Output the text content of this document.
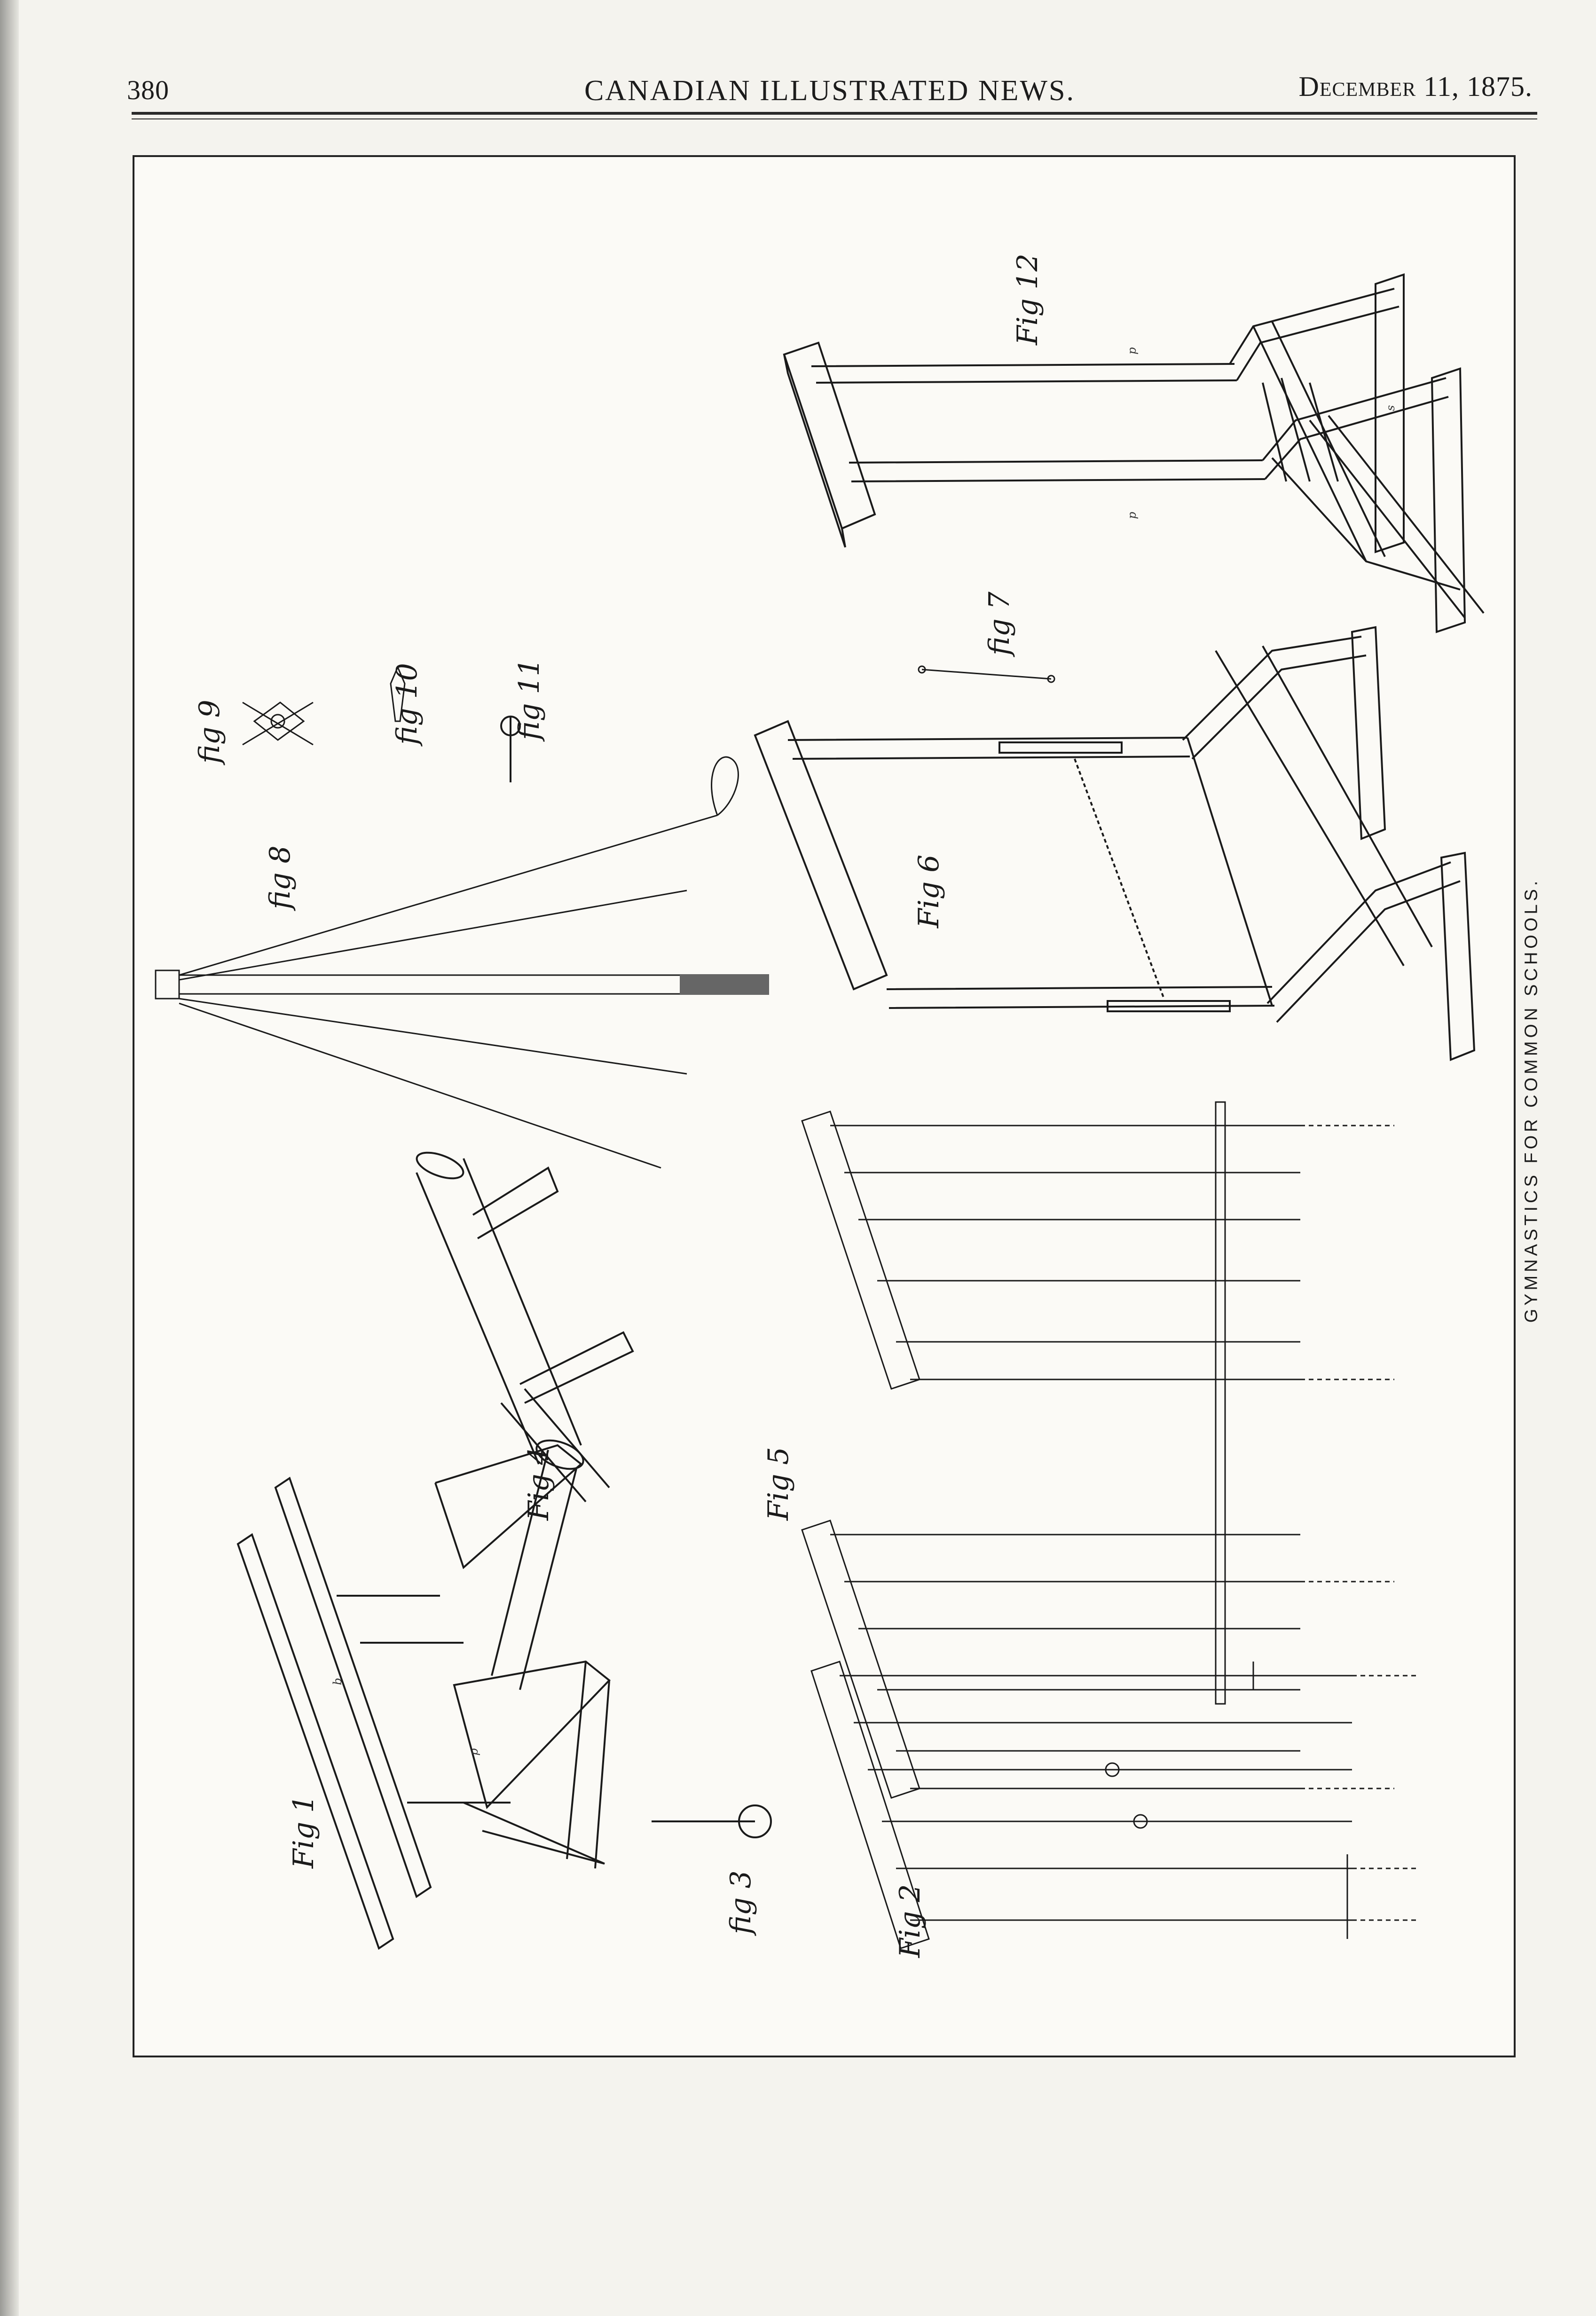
380	CANADIAN ILLUSTRATED NEWS.	December 11, 1875.
Fig 12
p
p
s
fig 9	fig 10	fig 11
fig 8
fig 7
Fig 6
Fig 4	Fig 5
Fig 1
b
p
fig 3	Fig 2
GYMNASTICS FOR COMMON SCHOOLS.
